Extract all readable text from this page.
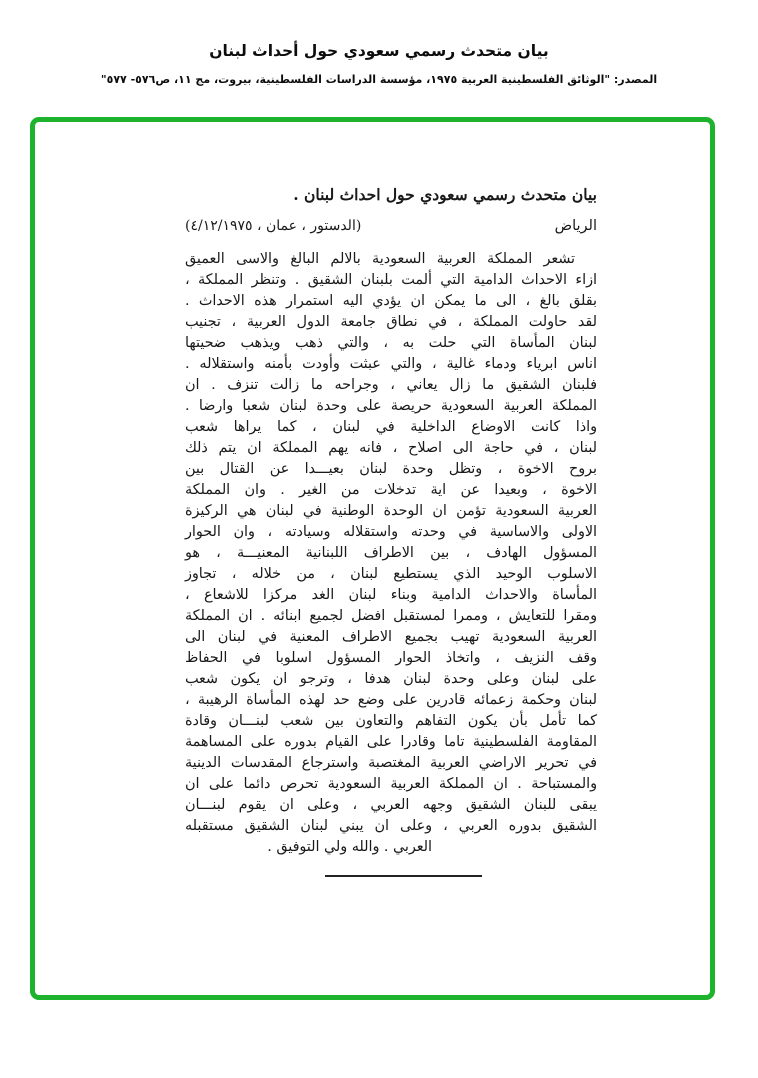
بيان متحدث رسمي سعودي حول أحداث لبنان
المصدر: "الوثائق الفلسطينية العربية ١٩٧٥، مؤسسة الدراسات الفلسطينية، بيروت، مج ١١، ص٥٧٦- ٥٧٧"
بيان متحدث رسمي سعودي حول احداث لبنان .
الرياض
(الدستور ، عمان ، ٤/١٢/١٩٧٥)
تشعر المملكة العربية السعودية بالالم البالغ والاسى العميق
ازاء الاحداث الدامية التي ألمت بلبنان الشقيق . وتنظر المملكة ،
بقلق بالغ ، الى ما يمكن ان يؤدي اليه استمرار هذه الاحداث .
لقد حاولت المملكة ، في نطاق جامعة الدول العربية ، تجنيب
لبنان المأساة التي حلت به ، والتي ذهب ويذهب ضحيتها
اناس ابرياء ودماء غالية ، والتي عبثت وأودت بأمنه واستقلاله .
فلبنان الشقيق ما زال يعاني ، وجراحه ما زالت تنزف . ان
المملكة العربية السعودية حريصة على وحدة لبنان شعبا وارضا .
واذا كانت الاوضاع الداخلية في لبنان ، كما يراها شعب
لبنان ، في حاجة الى اصلاح ، فانه يهم المملكة ان يتم ذلك
بروح الاخوة ، وتظل وحدة لبنان بعيـــدا عن القتال بين
الاخوة ، وبعيدا عن اية تدخلات من الغير . وان المملكة
العربية السعودية تؤمن ان الوحدة الوطنية في لبنان هي الركيزة
الاولى والاساسية في وحدته واستقلاله وسيادته ، وان الحوار
المسؤول الهادف ، بين الاطراف اللبنانية المعنيـــة ، هو
الاسلوب الوحيد الذي يستطيع لبنان ، من خلاله ، تجاوز
المأساة والاحداث الدامية وبناء لبنان الغد مركزا للاشعاع ،
ومقرا للتعايش ، وممرا لمستقبل افضل لجميع ابنائه . ان المملكة
العربية السعودية تهيب بجميع الاطراف المعنية في لبنان الى
وقف النزيف ، واتخاذ الحوار المسؤول اسلوبا في الحفاظ
على لبنان وعلى وحدة لبنان هدفا ، وترجو ان يكون شعب
لبنان وحكمة زعمائه قادرين على وضع حد لهذه المأساة الرهيبة ،
كما تأمل بأن يكون التفاهم والتعاون بين شعب لبنـــان وقادة
المقاومة الفلسطينية تاما وقادرا على القيام بدوره على المساهمة
في تحرير الاراضي العربية المغتصبة واسترجاع المقدسات الدينية
والمستباحة . ان المملكة العربية السعودية تحرص دائما على ان
يبقى للبنان الشقيق وجهه العربي ، وعلى ان يقوم لبنـــان
الشقيق بدوره العربي ، وعلى ان يبني لبنان الشقيق مستقبله
العربي . والله ولي التوفيق .
